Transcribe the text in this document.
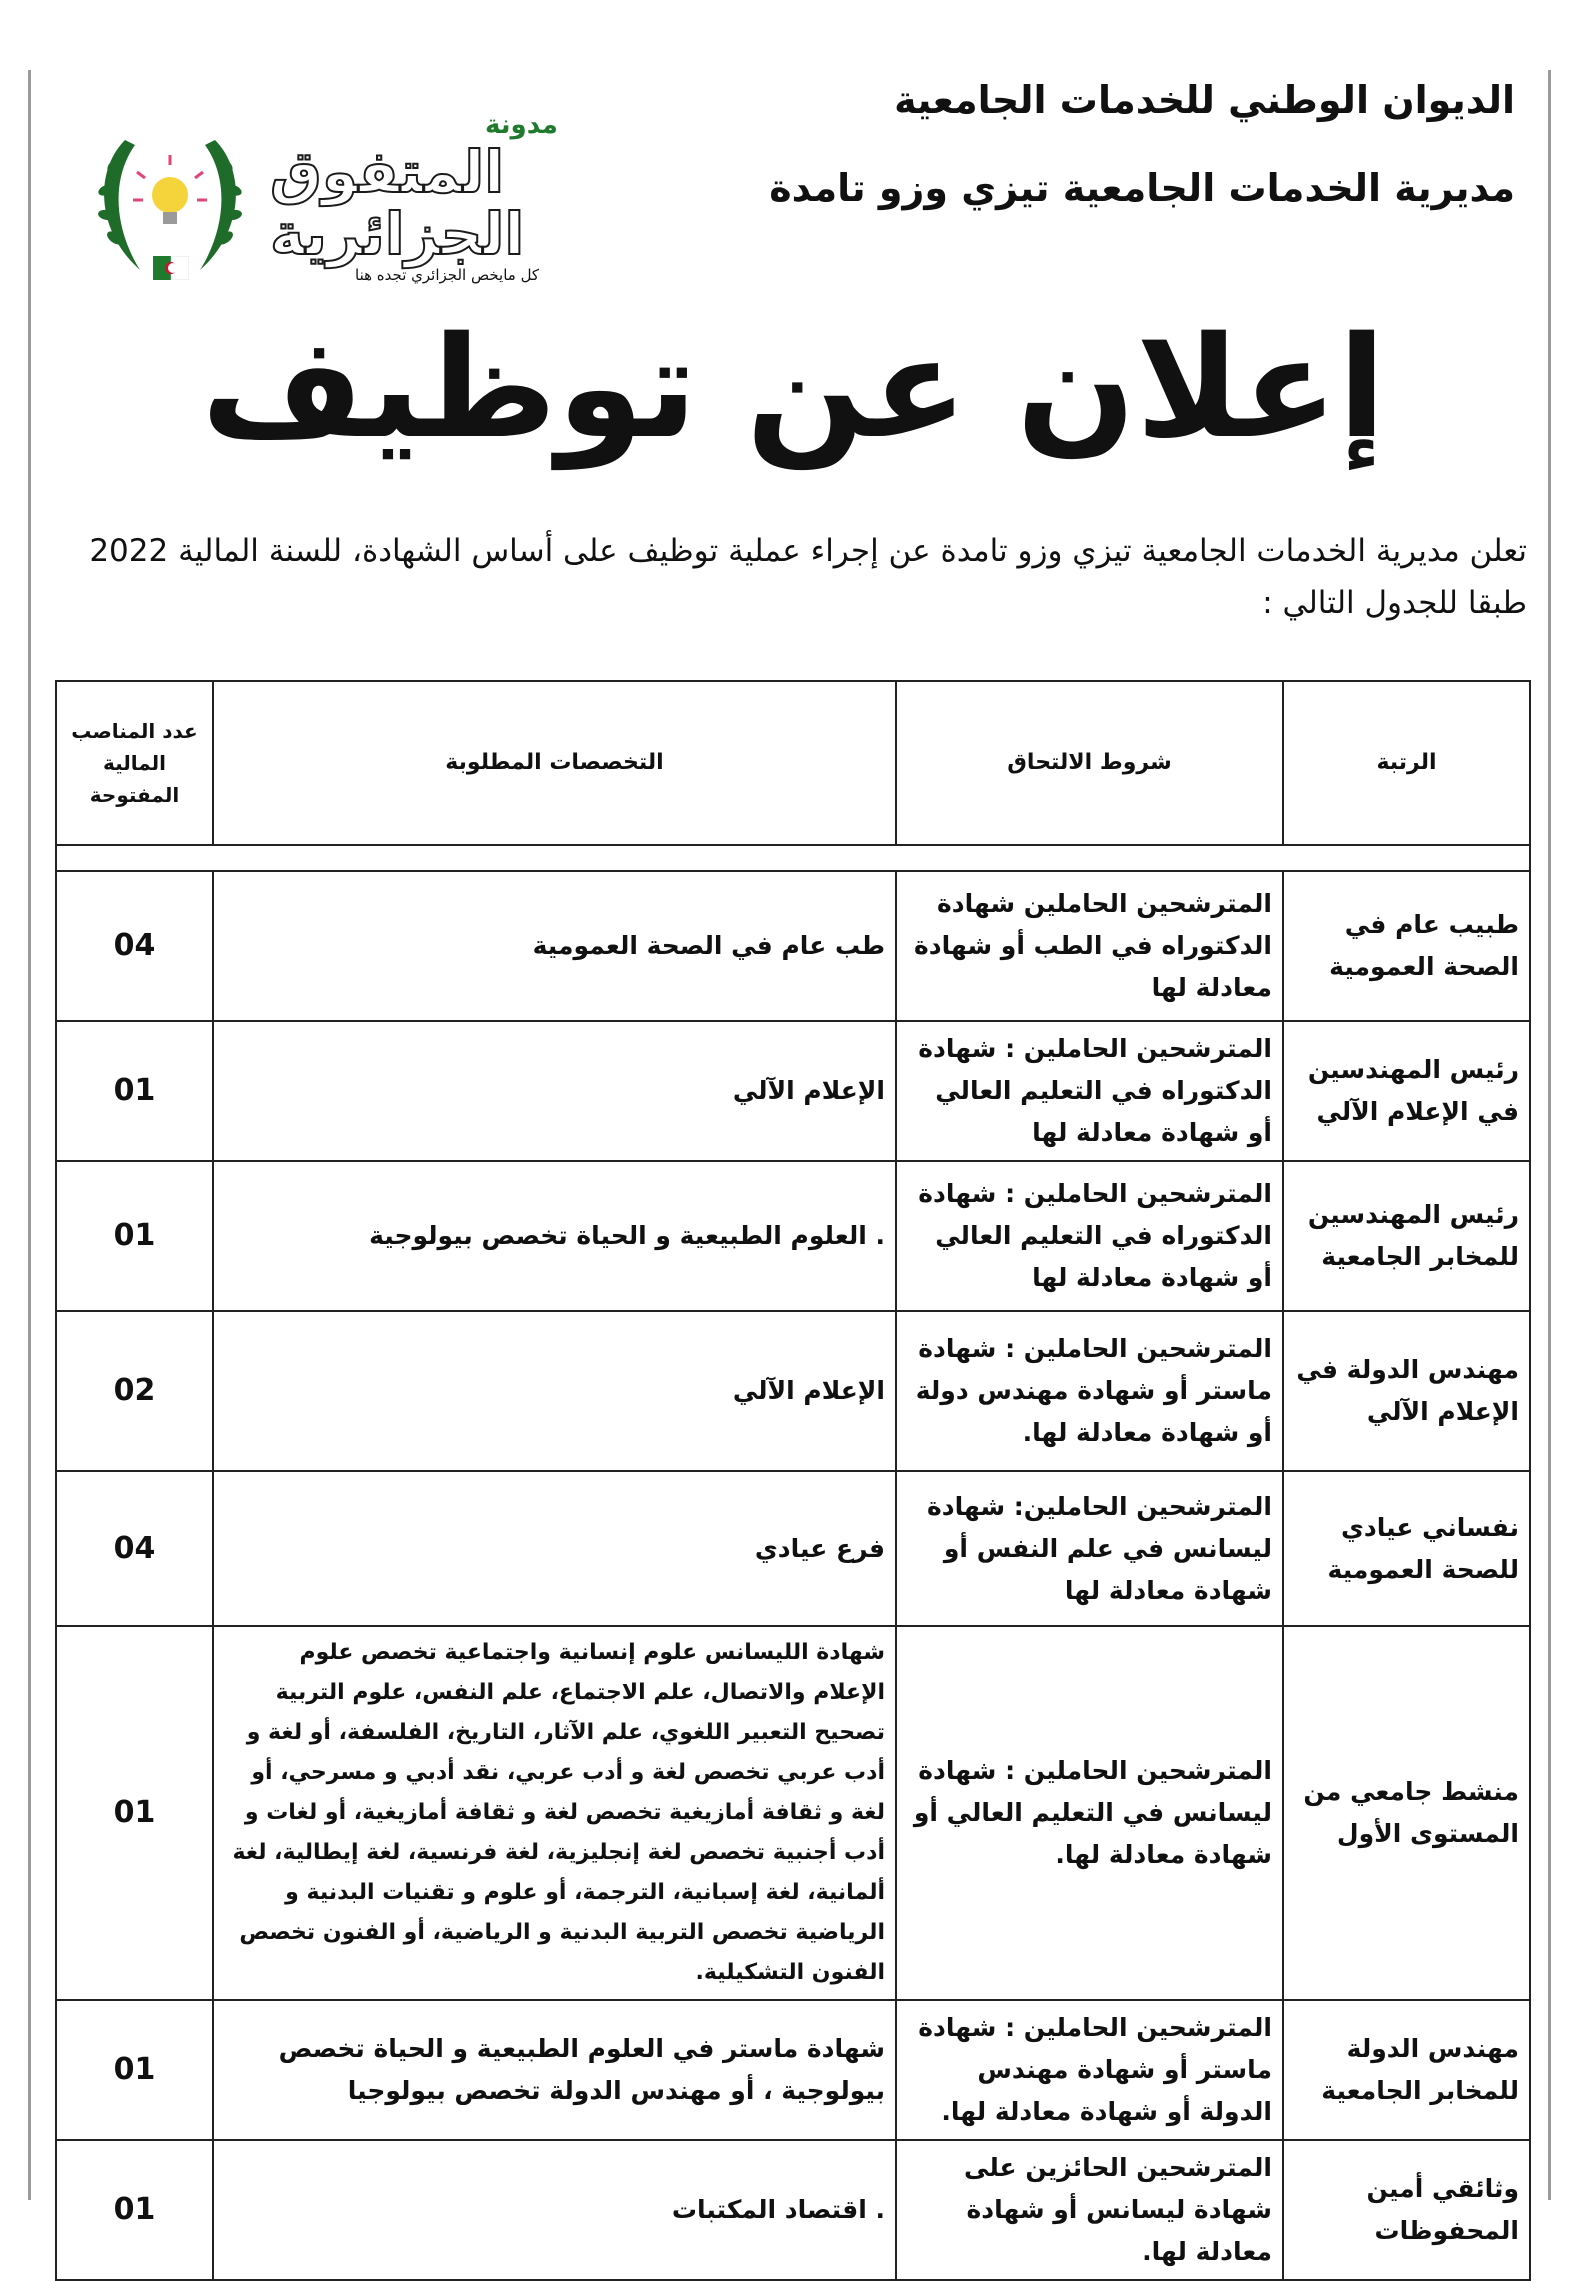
الديوان الوطني للخدمات الجامعية
مديرية الخدمات الجامعية تيزي وزو تامدة
مدونة
المتفوق
الجزائرية
كل مايخص الجزائري تجده هنا
إعلان عن توظيف
تعلن مديرية الخدمات الجامعية تيزي وزو تامدة عن إجراء عملية توظيف على أساس الشهادة، للسنة المالية 2022 طبقا للجدول التالي :
الرتبة	شروط الالتحاق	التخصصات المطلوبة	عدد المناصب المالية المفتوحة

طبيب عام في الصحة العمومية	المترشحين الحاملين شهادة الدكتوراه في الطب أو شهادة معادلة لها	طب عام في الصحة العمومية	04
رئيس المهندسين في الإعلام الآلي	المترشحين الحاملين : شهادة الدكتوراه في التعليم العالي أو شهادة معادلة لها	الإعلام الآلي	01
رئيس المهندسين للمخابر الجامعية	المترشحين الحاملين : شهادة الدكتوراه في التعليم العالي أو شهادة معادلة لها	. العلوم الطبيعية و الحياة تخصص بيولوجية	01
مهندس الدولة في الإعلام الآلي	المترشحين الحاملين : شهادة ماستر أو شهادة مهندس دولة أو شهادة معادلة لها.	الإعلام الآلي	02
نفساني عيادي للصحة العمومية	المترشحين الحاملين: شهادة ليسانس في علم النفس أو شهادة معادلة لها	فرع عيادي	04
منشط جامعي من المستوى الأول	المترشحين الحاملين : شهادة ليسانس في التعليم العالي أو شهادة معادلة لها.	شهادة الليسانس علوم إنسانية واجتماعية تخصص علوم الإعلام والاتصال، علم الاجتماع، علم النفس، علوم التربية تصحيح التعبير اللغوي، علم الآثار، التاريخ، الفلسفة، أو لغة و أدب عربي تخصص لغة و أدب عربي، نقد أدبي و مسرحي، أو لغة و ثقافة أمازيغية تخصص لغة و ثقافة أمازيغية، أو لغات و أدب أجنبية تخصص لغة إنجليزية، لغة فرنسية، لغة إيطالية، لغة ألمانية، لغة إسبانية، الترجمة، أو علوم و تقنيات البدنية و الرياضية تخصص التربية البدنية و الرياضية، أو الفنون تخصص الفنون التشكيلية.	01
مهندس الدولة للمخابر الجامعية	المترشحين الحاملين : شهادة ماستر أو شهادة مهندس الدولة أو شهادة معادلة لها.	شهادة ماستر في العلوم الطبيعية و الحياة تخصص بيولوجية ، أو مهندس الدولة تخصص بيولوجيا	01
وثائقي أمين المحفوظات	المترشحين الحائزين على شهادة ليسانس أو شهادة معادلة لها.	. اقتصاد المكتبات	01
